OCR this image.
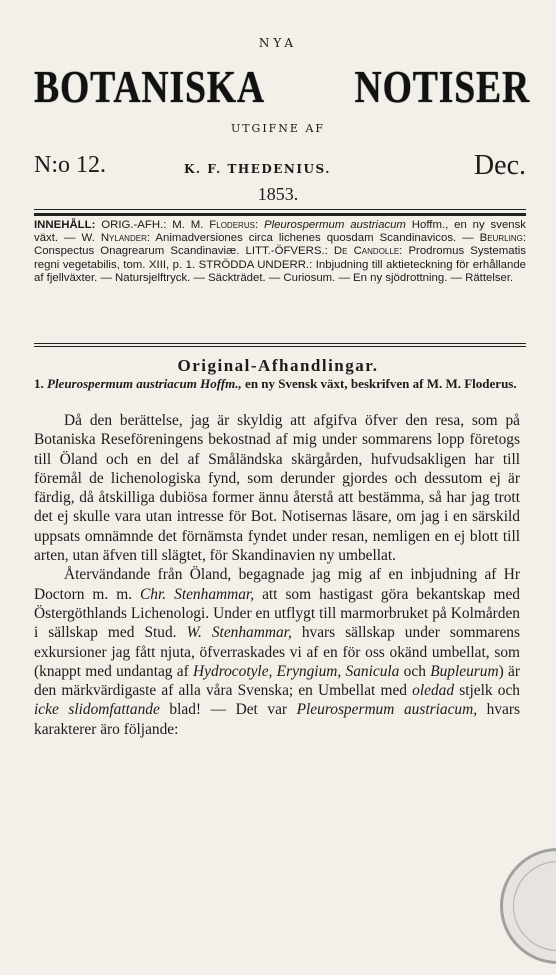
NYA
BOTANISKA NOTISER
UTGIFNE AF
N:o 12.	K. F. THEDENIUS.	Dec.
1853.
INNEHÅLL: ORIG.-AFH.: M. M. Floderus: Pleurospermum austriacum Hoffm., en ny svensk växt. — W. Nylander: Animadversiones circa lichenes quosdam Scandinavicos. — Beurling: Conspectus Onagrearum Scandinaviæ. LITT.-ÖFVERS.: De Candolle: Prodromus Systematis regni vegetabilis, tom. XIII, p. 1. STRÖDDA UNDERR.: Inbjudning till aktieteckning för erhållande af fjellväxter. — Natursjelftryck. — Säckträdet. — Curiosum. — En ny sjödrottning. — Rättelser.
Original-Afhandlingar.
1. Pleurospermum austriacum Hoffm., en ny Svensk växt, beskrifven af M. M. Floderus.

Då den berättelse, jag är skyldig att afgifva öfver den resa, som på Botaniska Reseföreningens bekostnad af mig under sommarens lopp företogs till Öland och en del af Småländska skärgården, hufvudsakligen har till föremål de lichenologiska fynd, som derunder gjordes och dessutom ej är färdig, då åtskilliga dubiösa former ännu återstå att bestämma, så har jag trott det ej skulle vara utan intresse för Bot. Notisernas läsare, om jag i en särskild uppsats omnämnde det förnämsta fyndet under resan, nemligen en ej blott till arten, utan äfven till slägtet, för Skandinavien ny umbellat.

Återvändande från Öland, begagnade jag mig af en inbjudning af Hr Doctorn m. m. Chr. Stenhammar, att som hastigast göra bekantskap med Östergöthlands Lichenologi. Under en utflygt till marmorbruket på Kolmården i sällskap med Stud. W. Stenhammar, hvars sällskap under sommarens exkursioner jag fått njuta, öfverraskades vi af en för oss okänd umbellat, som (knappt med undantag af Hydrocotyle, Eryngium, Sanicula och Bupleurum) är den märkvärdigaste af alla våra Svenska; en Umbellat med oledad stjelk och icke slidomfattande blad! — Det var Pleurospermum austriacum, hvars karakterer äro följande:
